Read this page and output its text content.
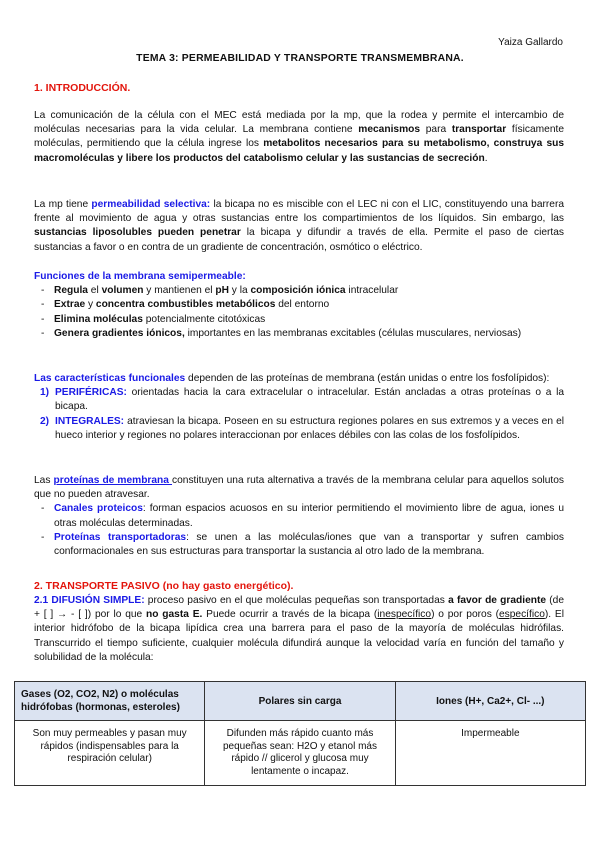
Yaiza Gallardo
TEMA 3: PERMEABILIDAD Y TRANSPORTE TRANSMEMBRANA.
1. INTRODUCCIÓN.
La comunicación de la célula con el MEC está mediada por la mp, que la rodea y permite el intercambio de moléculas necesarias para la vida celular. La membrana contiene mecanismos para transportar físicamente moléculas, permitiendo que la célula ingrese los metabolitos necesarios para su metabolismo, construya sus macromoléculas y libere los productos del catabolismo celular y las sustancias de secreción.
La mp tiene permeabilidad selectiva: la bicapa no es miscible con el LEC ni con el LIC, constituyendo una barrera frente al movimiento de agua y otras sustancias entre los compartimientos de los líquidos. Sin embargo, las sustancias liposolubles pueden penetrar la bicapa y difundir a través de ella. Permite el paso de ciertas sustancias a favor o en contra de un gradiente de concentración, osmótico o eléctrico.
Funciones de la membrana semipermeable:
- Regula el volumen y mantienen el pH y la composición iónica intracelular
- Extrae y concentra combustibles metabólicos del entorno
- Elimina moléculas potencialmente citotóxicas
- Genera gradientes iónicos, importantes en las membranas excitables (células musculares, nerviosas)
Las características funcionales dependen de las proteínas de membrana (están unidas o entre los fosfolípidos):
1) PERIFÉRICAS: orientadas hacia la cara extracelular o intracelular. Están ancladas a otras proteínas o a la bicapa.
2) INTEGRALES: atraviesan la bicapa. Poseen en su estructura regiones polares en sus extremos y a veces en el hueco interior y regiones no polares interaccionan por enlaces débiles con las colas de los fosfolípidos.
Las proteínas de membrana constituyen una ruta alternativa a través de la membrana celular para aquellos solutos que no pueden atravesar.
- Canales proteicos: forman espacios acuosos en su interior permitiendo el movimiento libre de agua, iones u otras moléculas determinadas.
- Proteínas transportadoras: se unen a las moléculas/iones que van a transportar y sufren cambios conformacionales en sus estructuras para transportar la sustancia al otro lado de la membrana.
2. TRANSPORTE PASIVO (no hay gasto energético).
2.1 DIFUSIÓN SIMPLE: proceso pasivo en el que moléculas pequeñas son transportadas a favor de gradiente (de + [ ] → - [ ]) por lo que no gasta E. Puede ocurrir a través de la bicapa (inespecífico) o por poros (específico). El interior hidrófobo de la bicapa lipídica crea una barrera para el paso de la mayoría de moléculas hidrófilas. Transcurrido el tiempo suficiente, cualquier molécula difundirá aunque la velocidad varía en función del tamaño y solubilidad de la molécula:
Gases (O2, CO2, N2) o moléculas hidrófobas (hormonas, esteroles)	Polares sin carga	Iones (H+, Ca2+, Cl- ...)
Son muy permeables y pasan muy rápidos (indispensables para la respiración celular)	Difunden más rápido cuanto más pequeñas sean: H2O y etanol más rápido // glicerol y glucosa muy lentamente o incapaz.	Impermeable
